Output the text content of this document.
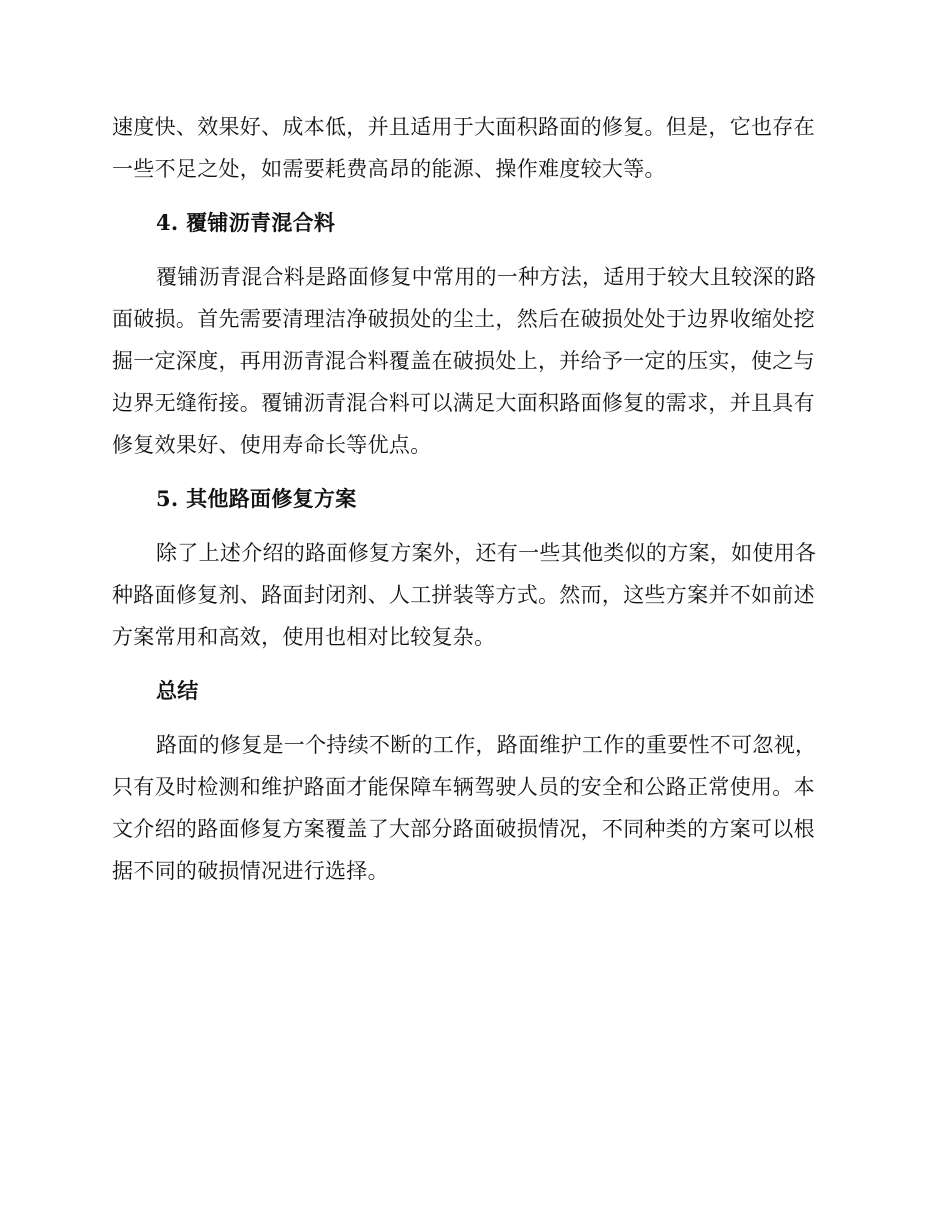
速度快、效果好、成本低，并且适用于大面积路面的修复。但是，它也存在一些不足之处，如需要耗费高昂的能源、操作难度较大等。

4. 覆铺沥青混合料

覆铺沥青混合料是路面修复中常用的一种方法，适用于较大且较深的路面破损。首先需要清理洁净破损处的尘土，然后在破损处处于边界收缩处挖掘一定深度，再用沥青混合料覆盖在破损处上，并给予一定的压实，使之与边界无缝衔接。覆铺沥青混合料可以满足大面积路面修复的需求，并且具有修复效果好、使用寿命长等优点。

5. 其他路面修复方案

除了上述介绍的路面修复方案外，还有一些其他类似的方案，如使用各种路面修复剂、路面封闭剂、人工拼装等方式。然而，这些方案并不如前述方案常用和高效，使用也相对比较复杂。

总结

路面的修复是一个持续不断的工作，路面维护工作的重要性不可忽视，只有及时检测和维护路面才能保障车辆驾驶人员的安全和公路正常使用。本文介绍的路面修复方案覆盖了大部分路面破损情况，不同种类的方案可以根据不同的破损情况进行选择。
